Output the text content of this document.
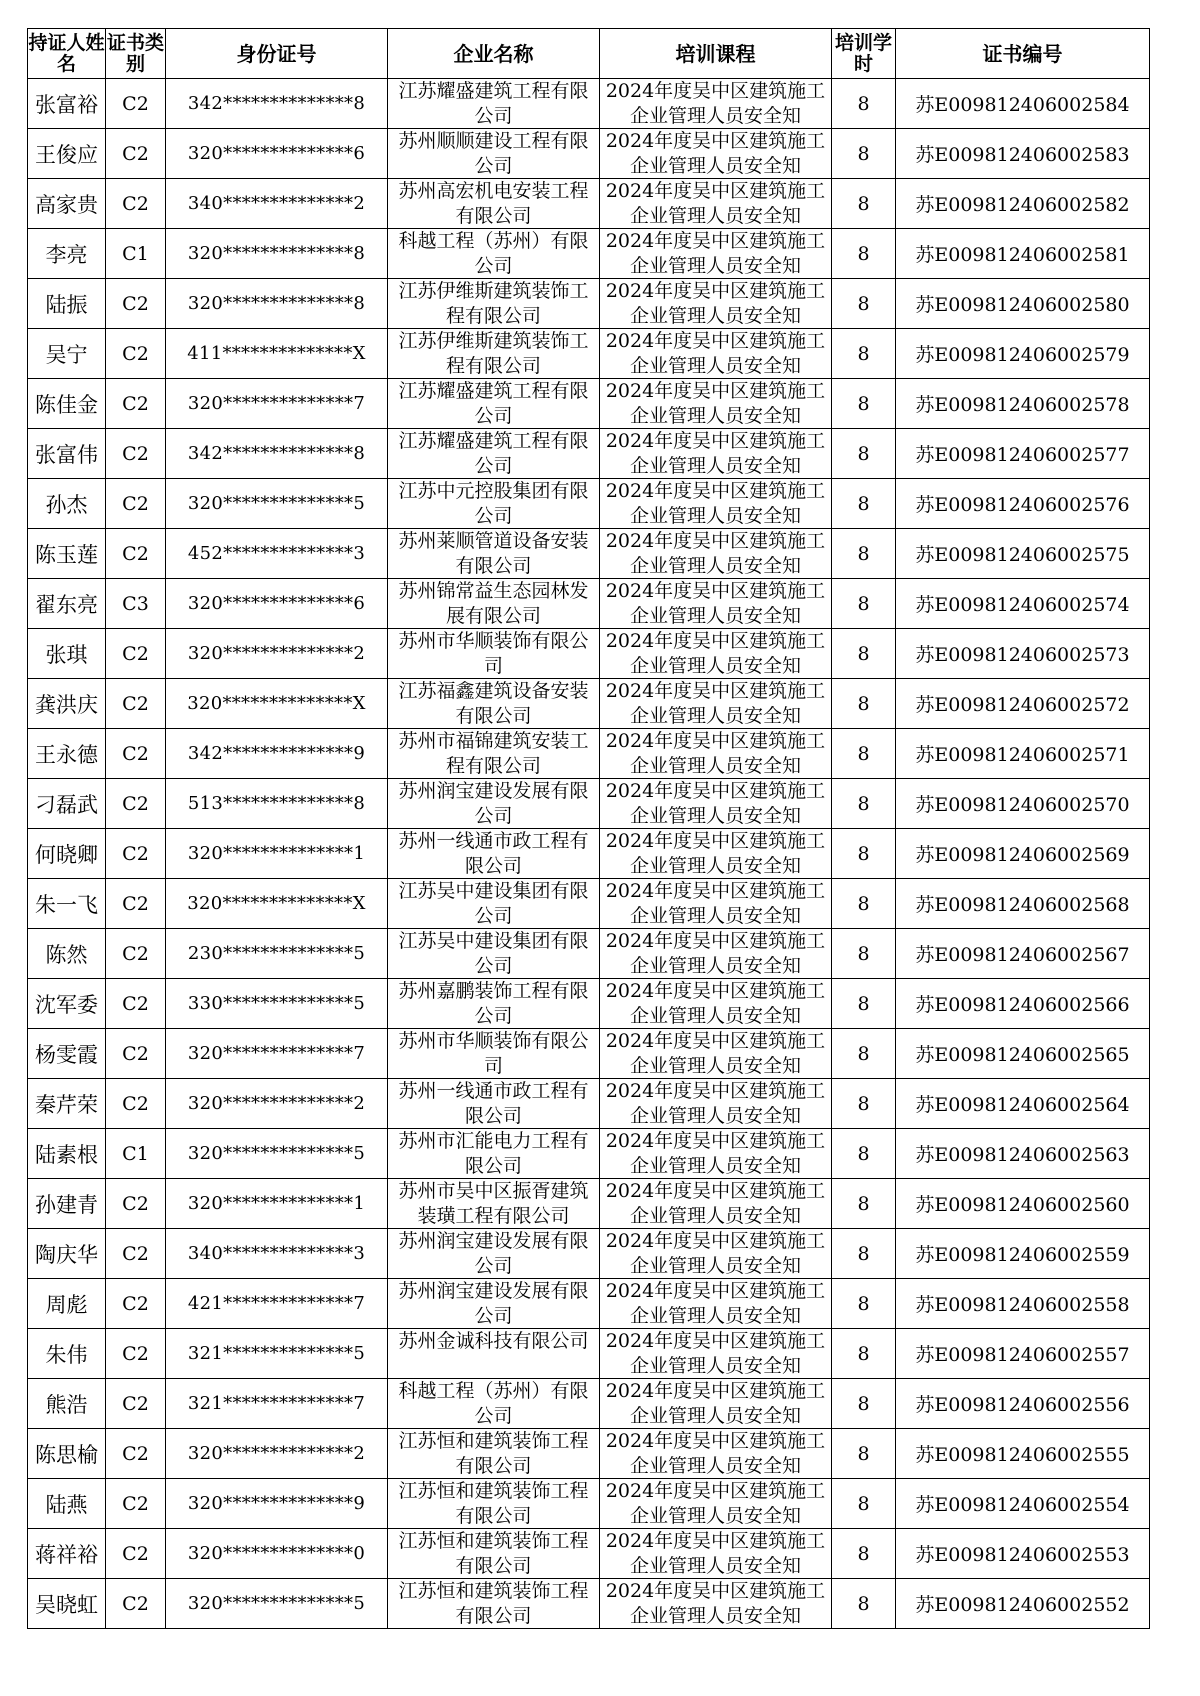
持证人姓名	证书类别	身份证号	企业名称	培训课程	培训学时	证书编号
张富裕	C2	342**************8	江苏耀盛建筑工程有限公司	2024年度吴中区建筑施工企业管理人员安全知	8	苏E009812406002584
王俊应	C2	320**************6	苏州顺顺建设工程有限公司	2024年度吴中区建筑施工企业管理人员安全知	8	苏E009812406002583
高家贵	C2	340**************2	苏州高宏机电安装工程有限公司	2024年度吴中区建筑施工企业管理人员安全知	8	苏E009812406002582
李亮	C1	320**************8	科越工程（苏州）有限公司	2024年度吴中区建筑施工企业管理人员安全知	8	苏E009812406002581
陆振	C2	320**************8	江苏伊维斯建筑装饰工程有限公司	2024年度吴中区建筑施工企业管理人员安全知	8	苏E009812406002580
吴宁	C2	411**************X	江苏伊维斯建筑装饰工程有限公司	2024年度吴中区建筑施工企业管理人员安全知	8	苏E009812406002579
陈佳金	C2	320**************7	江苏耀盛建筑工程有限公司	2024年度吴中区建筑施工企业管理人员安全知	8	苏E009812406002578
张富伟	C2	342**************8	江苏耀盛建筑工程有限公司	2024年度吴中区建筑施工企业管理人员安全知	8	苏E009812406002577
孙杰	C2	320**************5	江苏中元控股集团有限公司	2024年度吴中区建筑施工企业管理人员安全知	8	苏E009812406002576
陈玉莲	C2	452**************3	苏州莱顺管道设备安装有限公司	2024年度吴中区建筑施工企业管理人员安全知	8	苏E009812406002575
翟东亮	C3	320**************6	苏州锦常益生态园林发展有限公司	2024年度吴中区建筑施工企业管理人员安全知	8	苏E009812406002574
张琪	C2	320**************2	苏州市华顺装饰有限公司	2024年度吴中区建筑施工企业管理人员安全知	8	苏E009812406002573
龚洪庆	C2	320**************X	江苏福鑫建筑设备安装有限公司	2024年度吴中区建筑施工企业管理人员安全知	8	苏E009812406002572
王永德	C2	342**************9	苏州市福锦建筑安装工程有限公司	2024年度吴中区建筑施工企业管理人员安全知	8	苏E009812406002571
刁磊武	C2	513**************8	苏州润宝建设发展有限公司	2024年度吴中区建筑施工企业管理人员安全知	8	苏E009812406002570
何晓卿	C2	320**************1	苏州一线通市政工程有限公司	2024年度吴中区建筑施工企业管理人员安全知	8	苏E009812406002569
朱一飞	C2	320**************X	江苏吴中建设集团有限公司	2024年度吴中区建筑施工企业管理人员安全知	8	苏E009812406002568
陈然	C2	230**************5	江苏吴中建设集团有限公司	2024年度吴中区建筑施工企业管理人员安全知	8	苏E009812406002567
沈军委	C2	330**************5	苏州嘉鹏装饰工程有限公司	2024年度吴中区建筑施工企业管理人员安全知	8	苏E009812406002566
杨雯霞	C2	320**************7	苏州市华顺装饰有限公司	2024年度吴中区建筑施工企业管理人员安全知	8	苏E009812406002565
秦芹荣	C2	320**************2	苏州一线通市政工程有限公司	2024年度吴中区建筑施工企业管理人员安全知	8	苏E009812406002564
陆素根	C1	320**************5	苏州市汇能电力工程有限公司	2024年度吴中区建筑施工企业管理人员安全知	8	苏E009812406002563
孙建青	C2	320**************1	苏州市吴中区振胥建筑装璜工程有限公司	2024年度吴中区建筑施工企业管理人员安全知	8	苏E009812406002560
陶庆华	C2	340**************3	苏州润宝建设发展有限公司	2024年度吴中区建筑施工企业管理人员安全知	8	苏E009812406002559
周彪	C2	421**************7	苏州润宝建设发展有限公司	2024年度吴中区建筑施工企业管理人员安全知	8	苏E009812406002558
朱伟	C2	321**************5	苏州金诚科技有限公司	2024年度吴中区建筑施工企业管理人员安全知	8	苏E009812406002557
熊浩	C2	321**************7	科越工程（苏州）有限公司	2024年度吴中区建筑施工企业管理人员安全知	8	苏E009812406002556
陈思榆	C2	320**************2	江苏恒和建筑装饰工程有限公司	2024年度吴中区建筑施工企业管理人员安全知	8	苏E009812406002555
陆燕	C2	320**************9	江苏恒和建筑装饰工程有限公司	2024年度吴中区建筑施工企业管理人员安全知	8	苏E009812406002554
蒋祥裕	C2	320**************0	江苏恒和建筑装饰工程有限公司	2024年度吴中区建筑施工企业管理人员安全知	8	苏E009812406002553
吴晓虹	C2	320**************5	江苏恒和建筑装饰工程有限公司	2024年度吴中区建筑施工企业管理人员安全知	8	苏E009812406002552
